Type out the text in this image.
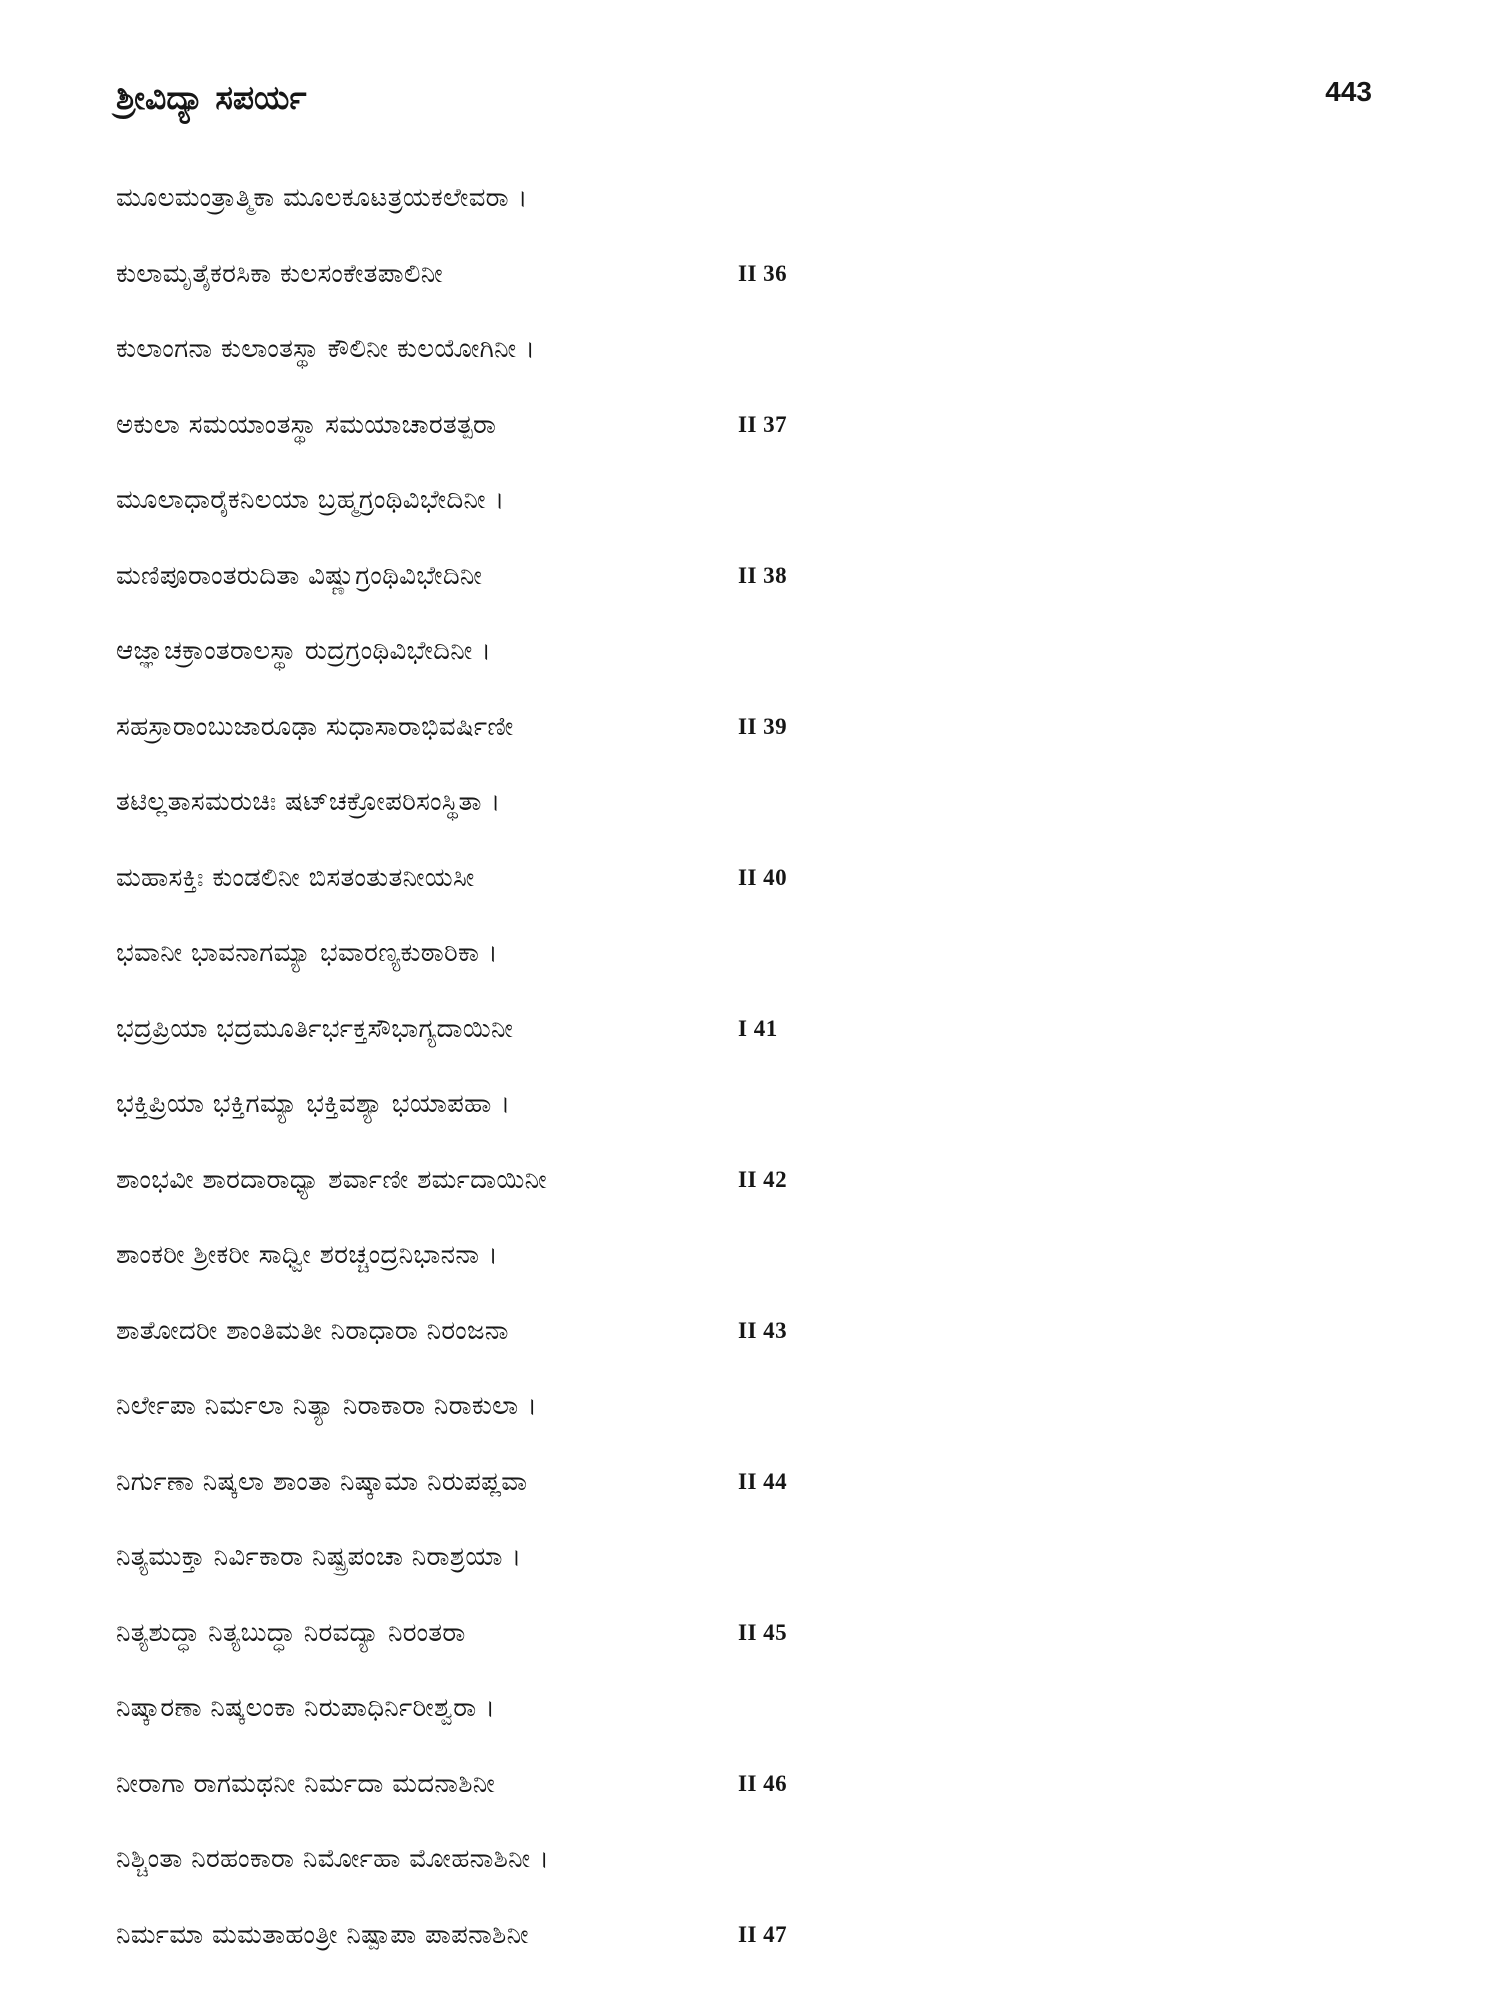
ಶ್ರೀವಿದ್ಯಾ ಸಪರ್ಯ	443
ಮೂಲಮಂತ್ರಾತ್ಮಿಕಾ ಮೂಲಕೂಟತ್ರಯಕಲೇವರಾ ।
ಕುಲಾಮೃತೈಕರಸಿಕಾ ಕುಲಸಂಕೇತಪಾಲಿನೀ	II 36
ಕುಲಾಂಗನಾ ಕುಲಾಂತಸ್ಥಾ ಕೌಲಿನೀ ಕುಲಯೋಗಿನೀ ।
ಅಕುಲಾ ಸಮಯಾಂತಸ್ಥಾ ಸಮಯಾಚಾರತತ್ಪರಾ	II 37
ಮೂಲಾಧಾರೈಕನಿಲಯಾ ಬ್ರಹ್ಮಗ್ರಂಥಿವಿಭೇದಿನೀ ।
ಮಣಿಪೂರಾಂತರುದಿತಾ ವಿಷ್ಣುಗ್ರಂಥಿವಿಭೇದಿನೀ	II 38
ಆಜ್ಞಾಚಕ್ರಾಂತರಾಲಸ್ಥಾ ರುದ್ರಗ್ರಂಥಿವಿಭೇದಿನೀ ।
ಸಹಸ್ರಾರಾಂಬುಜಾರೂಢಾ ಸುಧಾಸಾರಾಭಿವರ್ಷಿಣೀ	II 39
ತಟಿಲ್ಲತಾಸಮರುಚಿಃ ಷಟ್‌ಚಕ್ರೋಪರಿಸಂಸ್ಥಿತಾ ।
ಮಹಾಸಕ್ತಿಃ ಕುಂಡಲಿನೀ ಬಿಸತಂತುತನೀಯಸೀ	II 40
ಭವಾನೀ ಭಾವನಾಗಮ್ಯಾ ಭವಾರಣ್ಯಕುಠಾರಿಕಾ ।
ಭದ್ರಪ್ರಿಯಾ ಭದ್ರಮೂರ್ತಿರ್ಭಕ್ತಸೌಭಾಗ್ಯದಾಯಿನೀ	I 41
ಭಕ್ತಿಪ್ರಿಯಾ ಭಕ್ತಿಗಮ್ಯಾ ಭಕ್ತಿವಶ್ಯಾ ಭಯಾಪಹಾ ।
ಶಾಂಭವೀ ಶಾರದಾರಾಧ್ಯಾ ಶರ್ವಾಣೀ ಶರ್ಮದಾಯಿನೀ	II 42
ಶಾಂಕರೀ ಶ್ರೀಕರೀ ಸಾಧ್ವೀ ಶರಚ್ಚಂದ್ರನಿಭಾನನಾ ।
ಶಾತೋದರೀ ಶಾಂತಿಮತೀ ನಿರಾಧಾರಾ ನಿರಂಜನಾ	II 43
ನಿರ್ಲೇಪಾ ನಿರ್ಮಲಾ ನಿತ್ಯಾ ನಿರಾಕಾರಾ ನಿರಾಕುಲಾ ।
ನಿರ್ಗುಣಾ ನಿಷ್ಕಲಾ ಶಾಂತಾ ನಿಷ್ಕಾಮಾ ನಿರುಪಪ್ಲವಾ	II 44
ನಿತ್ಯಮುಕ್ತಾ ನಿರ್ವಿಕಾರಾ ನಿಷ್ಪ್ರಪಂಚಾ ನಿರಾಶ್ರಯಾ ।
ನಿತ್ಯಶುದ್ಧಾ ನಿತ್ಯಬುದ್ಧಾ ನಿರವದ್ಯಾ ನಿರಂತರಾ	II 45
ನಿಷ್ಕಾರಣಾ ನಿಷ್ಕಲಂಕಾ ನಿರುಪಾಧಿರ್ನಿರೀಶ್ವರಾ ।
ನೀರಾಗಾ ರಾಗಮಥನೀ ನಿರ್ಮದಾ ಮದನಾಶಿನೀ	II 46
ನಿಶ್ಚಿಂತಾ ನಿರಹಂಕಾರಾ ನಿರ್ಮೋಹಾ ಮೋಹನಾಶಿನೀ ।
ನಿರ್ಮಮಾ ಮಮತಾಹಂತ್ರೀ ನಿಷ್ಪಾಪಾ ಪಾಪನಾಶಿನೀ	II 47
